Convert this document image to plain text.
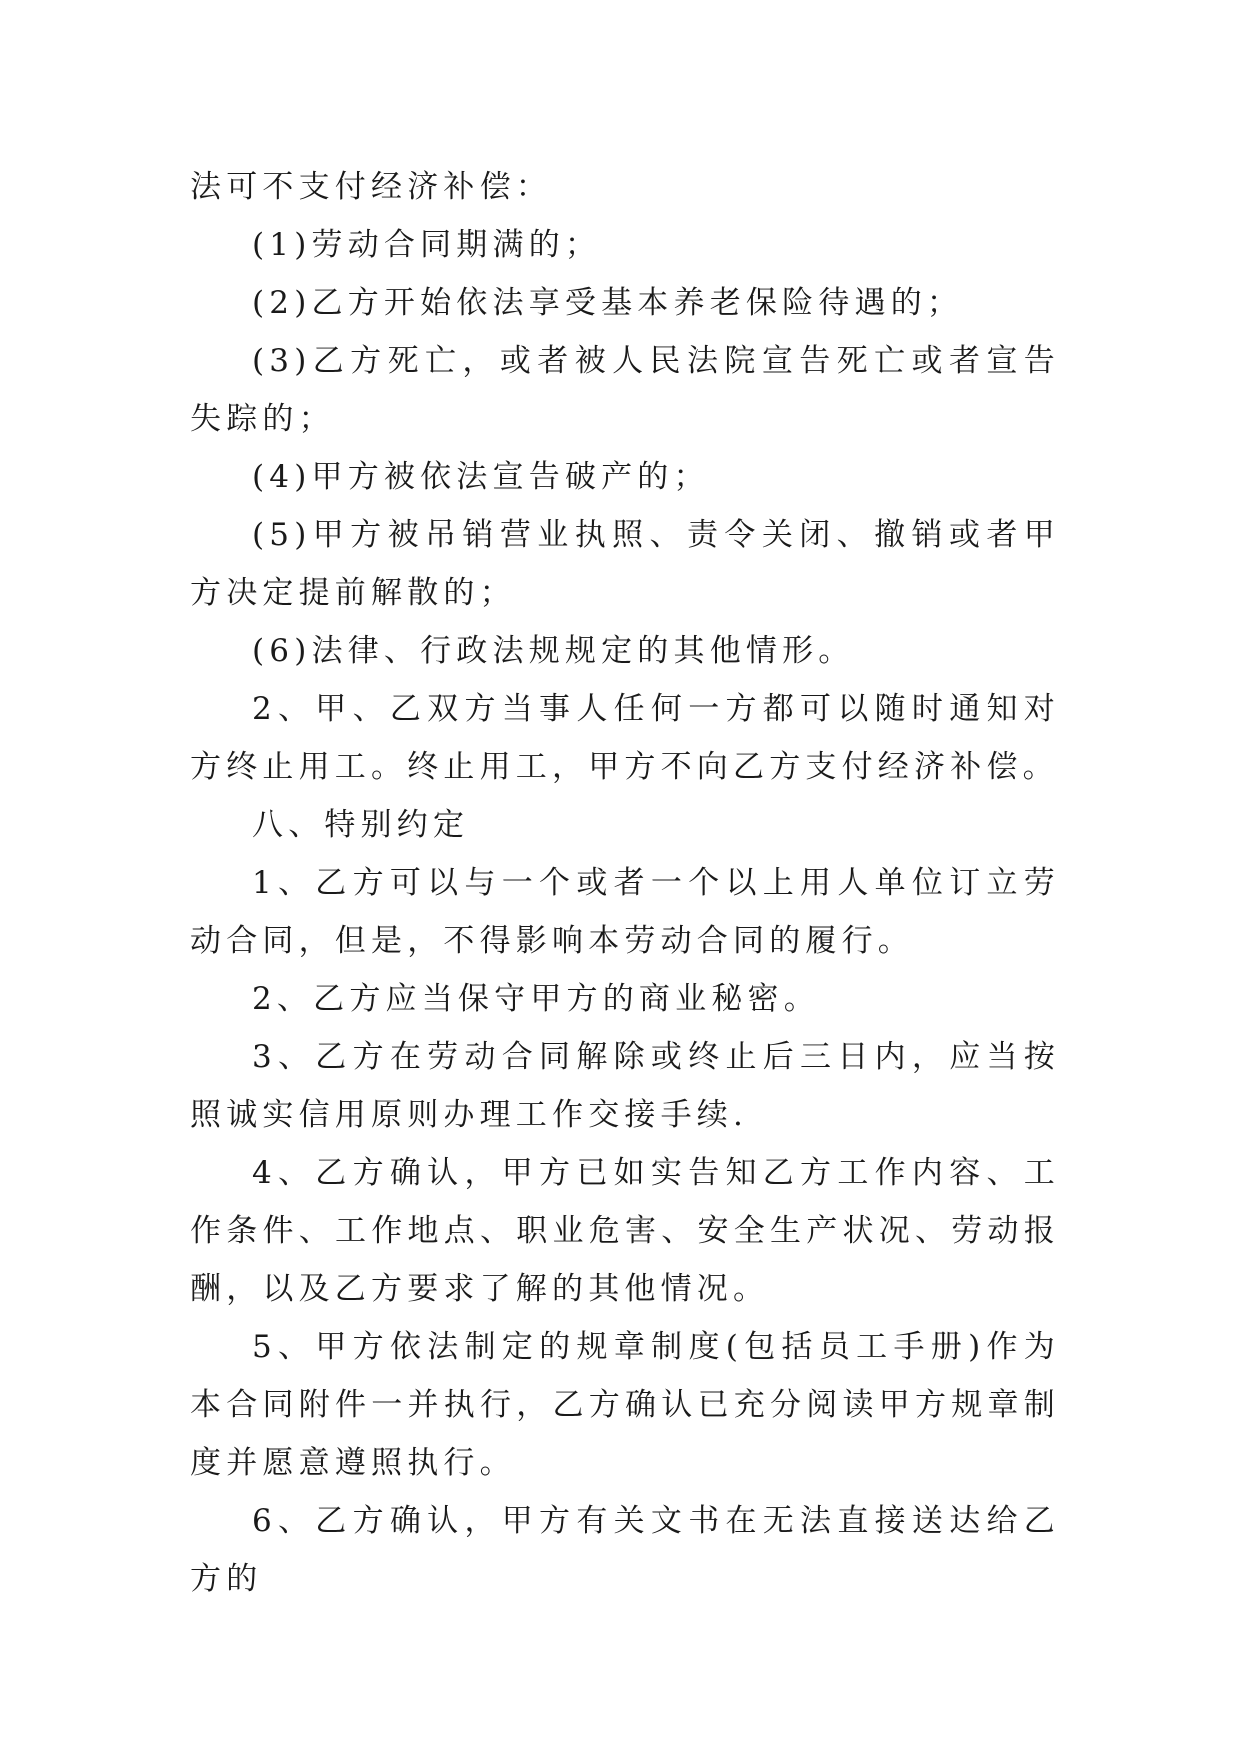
法可不支付经济补偿：

(1)劳动合同期满的；

(2)乙方开始依法享受基本养老保险待遇的；

(3)乙方死亡，或者被人民法院宣告死亡或者宣告失踪的；

(4)甲方被依法宣告破产的；

(5)甲方被吊销营业执照、责令关闭、撤销或者甲方决定提前解散的；

(6)法律、行政法规规定的其他情形。

2、甲、乙双方当事人任何一方都可以随时通知对方终止用工。终止用工，甲方不向乙方支付经济补偿。

八、特别约定

1、乙方可以与一个或者一个以上用人单位订立劳动合同，但是，不得影响本劳动合同的履行。

2、乙方应当保守甲方的商业秘密。

3、乙方在劳动合同解除或终止后三日内，应当按照诚实信用原则办理工作交接手续.

4、乙方确认，甲方已如实告知乙方工作内容、工作条件、工作地点、职业危害、安全生产状况、劳动报酬，以及乙方要求了解的其他情况。

5、甲方依法制定的规章制度(包括员工手册)作为本合同附件一并执行，乙方确认已充分阅读甲方规章制度并愿意遵照执行。

6、乙方确认，甲方有关文书在无法直接送达给乙方的
